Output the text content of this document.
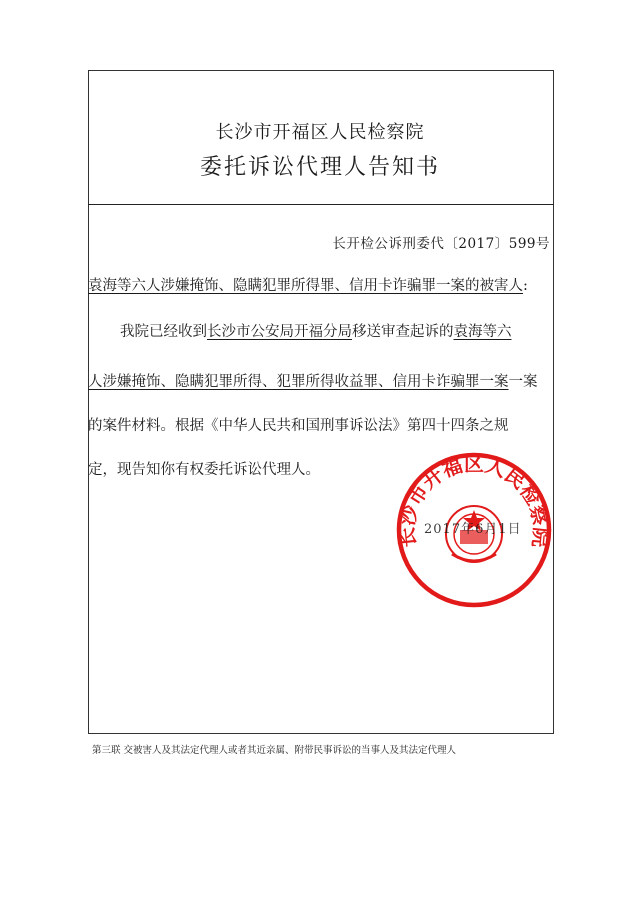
长沙市开福区人民检察院
委托诉讼代理人告知书
长开检公诉刑委代〔2017〕599号
袁海等六人涉嫌掩饰、隐瞒犯罪所得罪、信用卡诈骗罪一案的被害人:
我院已经收到长沙市公安局开福分局移送审查起诉的袁海等六
人涉嫌掩饰、隐瞒犯罪所得、犯罪所得收益罪、信用卡诈骗罪一案一案
的案件材料。根据《中华人民共和国刑事诉讼法》第四十四条之规
定，现告知你有权委托诉讼代理人。
长沙市开福区人民检察院
2017年6月1日
第三联 交被害人及其法定代理人或者其近亲属、附带民事诉讼的当事人及其法定代理人
